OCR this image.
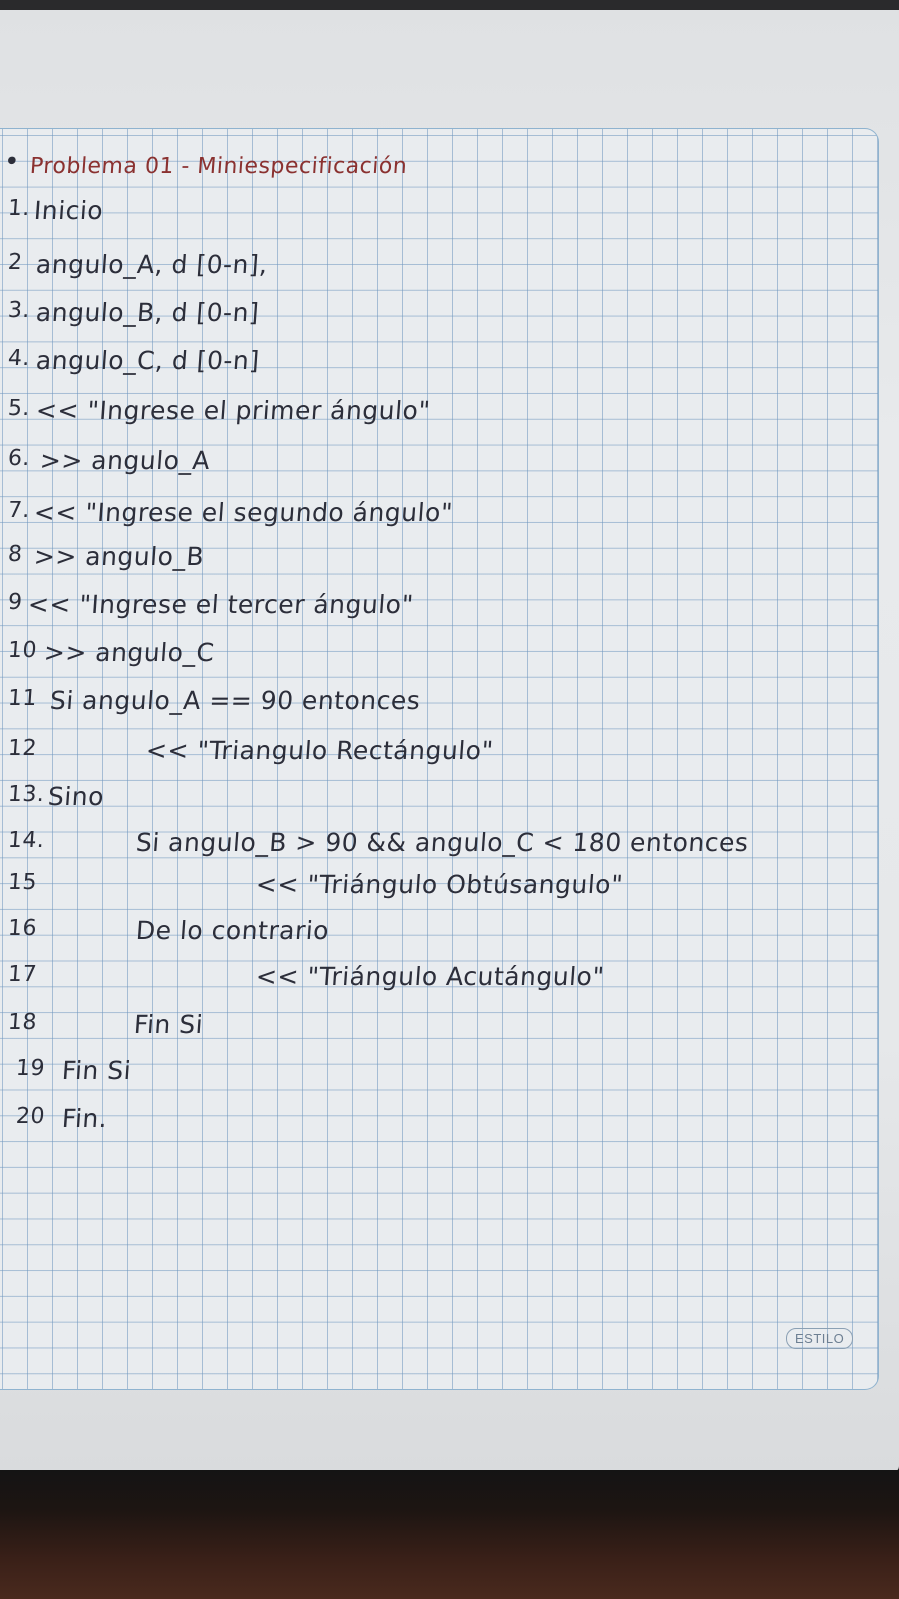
• Problema 01 - Miniespecificación
1. Inicio
2 angulo_A, d [0-n],
3. angulo_B, d [0-n]
4. angulo_C, d [0-n]
5. << "Ingrese el primer ángulo"
6. >> angulo_A
7. << "Ingrese el segundo ángulo"
8 >> angulo_B
9 << "Ingrese el tercer ángulo"
10 >> angulo_C
11 Si angulo_A == 90 entonces
12	<< "Triangulo Rectángulo"
13. Sino
14.	Si angulo_B > 90 && angulo_C < 180 entonces
15	<< "Triángulo Obtúsangulo"
16	De lo contrario
17	<< "Triángulo Acutángulo"
18	Fin Si
19 Fin Si
20 Fin.
ESTILO
